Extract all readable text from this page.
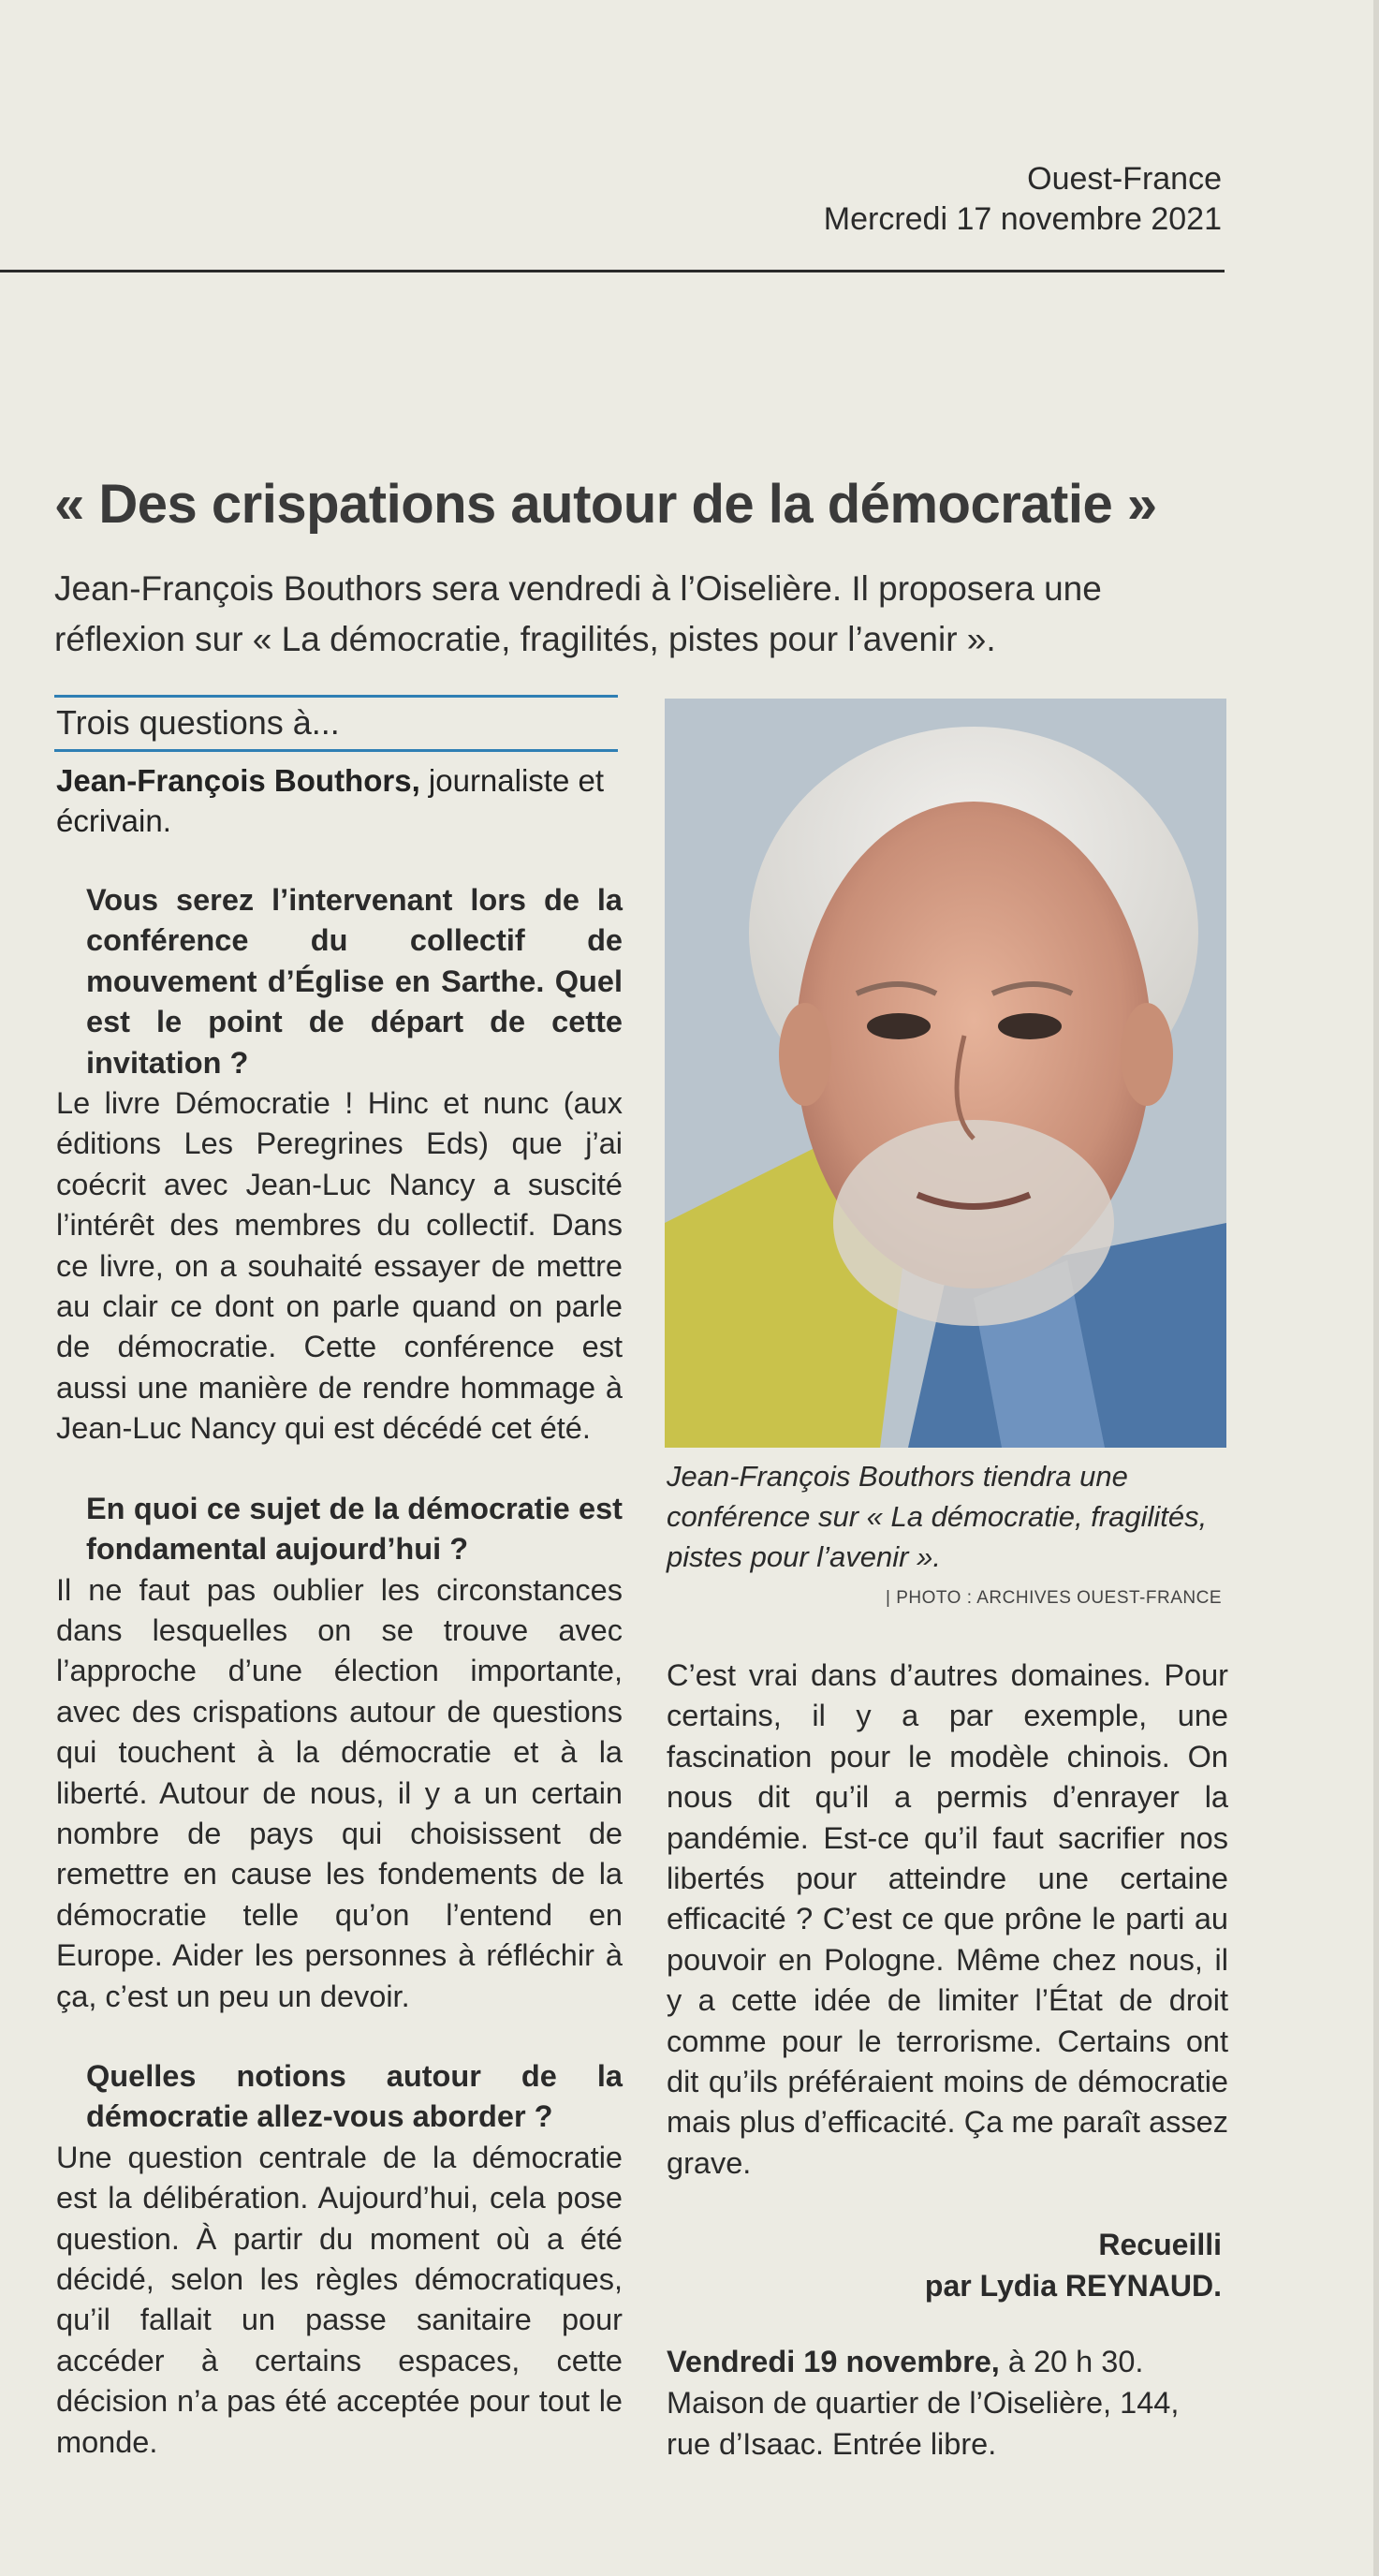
Ouest-France
Mercredi 17 novembre 2021
« Des crispations autour de la démocratie »
Jean-François Bouthors sera vendredi à l’Oiselière. Il proposera une réflexion sur « La démocratie, fragilités, pistes pour l’avenir ».
Trois questions à...
Jean-François Bouthors, journaliste et écrivain.

Vous serez l’intervenant lors de la conférence du collectif de mouvement d’Église en Sarthe. Quel est le point de départ de cette invitation ?

Le livre Démocratie ! Hinc et nunc (aux éditions Les Peregrines Eds) que j’ai coécrit avec Jean-Luc Nancy a suscité l’intérêt des membres du collectif. Dans ce livre, on a souhaité essayer de mettre au clair ce dont on parle quand on parle de démocratie. Cette conférence est aussi une manière de rendre hommage à Jean-Luc Nancy qui est décédé cet été.

En quoi ce sujet de la démocratie est fondamental aujourd’hui ?

Il ne faut pas oublier les circonstances dans lesquelles on se trouve avec l’approche d’une élection importante, avec des crispations autour de questions qui touchent à la démocratie et à la liberté. Autour de nous, il y a un certain nombre de pays qui choisissent de remettre en cause les fondements de la démocratie telle qu’on l’entend en Europe. Aider les personnes à réfléchir à ça, c’est un peu un devoir.

Quelles notions autour de la démocratie allez-vous aborder ?

Une question centrale de la démocratie est la délibération. Aujourd’hui, cela pose question. À partir du moment où a été décidé, selon les règles démocratiques, qu’il fallait un passe sanitaire pour accéder à certains espaces, cette décision n’a pas été acceptée pour tout le monde.

Jean-François Bouthors tiendra une conférence sur « La démocratie, fragilités, pistes pour l’avenir ».
| PHOTO : ARCHIVES OUEST-FRANCE

C’est vrai dans d’autres domaines. Pour certains, il y a par exemple, une fascination pour le modèle chinois. On nous dit qu’il a permis d’enrayer la pandémie. Est-ce qu’il faut sacrifier nos libertés pour atteindre une certaine efficacité ? C’est ce que prône le parti au pouvoir en Pologne. Même chez nous, il y a cette idée de limiter l’État de droit comme pour le terrorisme. Certains ont dit qu’ils préféraient moins de démocratie mais plus d’efficacité. Ça me paraît assez grave.

Recueilli
par Lydia REYNAUD.
Vendredi 19 novembre, à 20 h 30.
Maison de quartier de l’Oiselière, 144, rue d’Isaac. Entrée libre.
